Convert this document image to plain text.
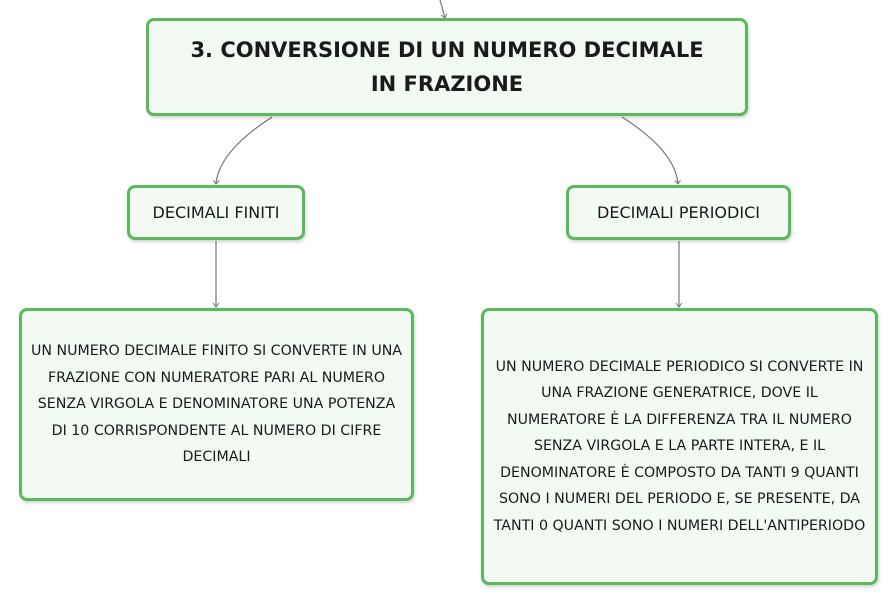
3. CONVERSIONE DI UN NUMERO DECIMALE IN FRAZIONE
DECIMALI FINITI	DECIMALI PERIODICI
UN NUMERO DECIMALE FINITO SI CONVERTE IN UNA FRAZIONE CON NUMERATORE PARI AL NUMERO SENZA VIRGOLA E DENOMINATORE UNA POTENZA DI 10 CORRISPONDENTE AL NUMERO DI CIFRE DECIMALI
UN NUMERO DECIMALE PERIODICO SI CONVERTE IN UNA FRAZIONE GENERATRICE, DOVE IL NUMERATORE È LA DIFFERENZA TRA IL NUMERO SENZA VIRGOLA E LA PARTE INTERA, E IL DENOMINATORE È COMPOSTO DA TANTI 9 QUANTI SONO I NUMERI DEL PERIODO E, SE PRESENTE, DA TANTI 0 QUANTI SONO I NUMERI DELL'ANTIPERIODO
